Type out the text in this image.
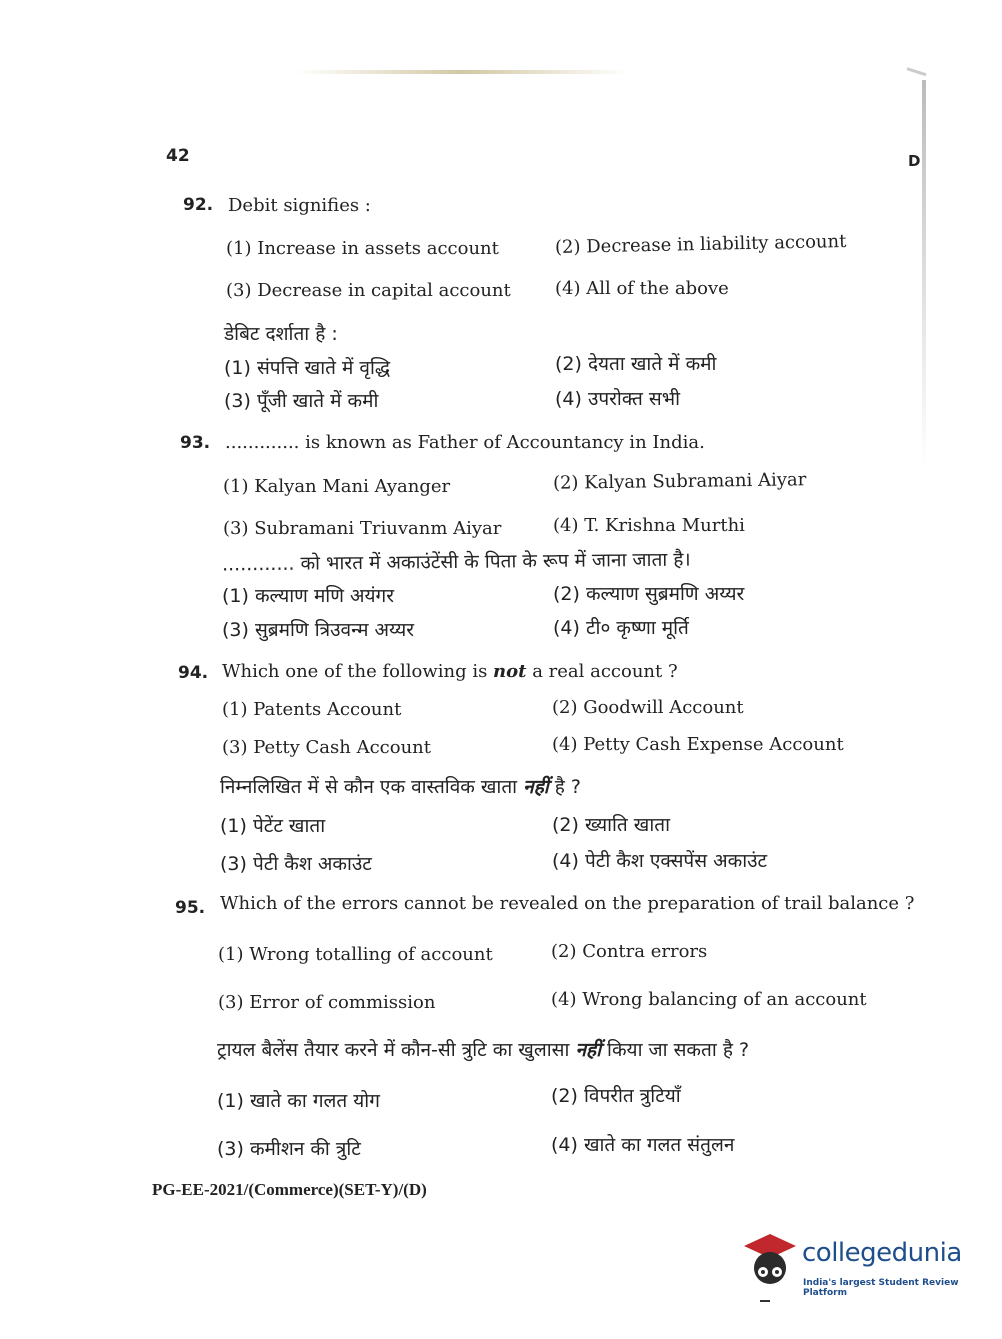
42	D
92. Debit signifies :
(1) Increase in assets account	(2) Decrease in liability account
(3) Decrease in capital account (4) All of the above
डेबिट दर्शाता है :
(1) संपत्ति खाते में वृद्धि	(2) देयता खाते में कमी
(3) पूँजी खाते में कमी	(4) उपरोक्त सभी
93. ............. is known as Father of Accountancy in India.
(1) Kalyan Mani Ayanger	(2) Kalyan Subramani Aiyar
(3) Subramani Triuvanm Aiyar	(4) T. Krishna Murthi
............ को भारत में अकाउंटेंसी के पिता के रूप में जाना जाता है।
(1) कल्याण मणि अयंगर	(2) कल्याण सुब्रमणि अय्यर
(3) सुब्रमणि त्रिउवन्म अय्यर	(4) टी० कृष्णा मूर्ति
94. Which one of the following is not a real account ?
(1) Patents Account	(2) Goodwill Account
(3) Petty Cash Account	(4) Petty Cash Expense Account
निम्नलिखित में से कौन एक वास्तविक खाता नहीं है ?
(1) पेटेंट खाता	(2) ख्याति खाता
(3) पेटी कैश अकाउंट	(4) पेटी कैश एक्सपेंस अकाउंट
95. Which of the errors cannot be revealed on the preparation of trail balance ?
(1) Wrong totalling of account	(2) Contra errors
(3) Error of commission	(4) Wrong balancing of an account
ट्रायल बैलेंस तैयार करने में कौन-सी त्रुटि का खुलासा नहीं किया जा सकता है ?
(1) खाते का गलत योग	(2) विपरीत त्रुटियाँ
(3) कमीशन की त्रुटि	(4) खाते का गलत संतुलन
PG-EE-2021/(Commerce)(SET-Y)/(D)
collegedunia
India's largest Student Review Platform
